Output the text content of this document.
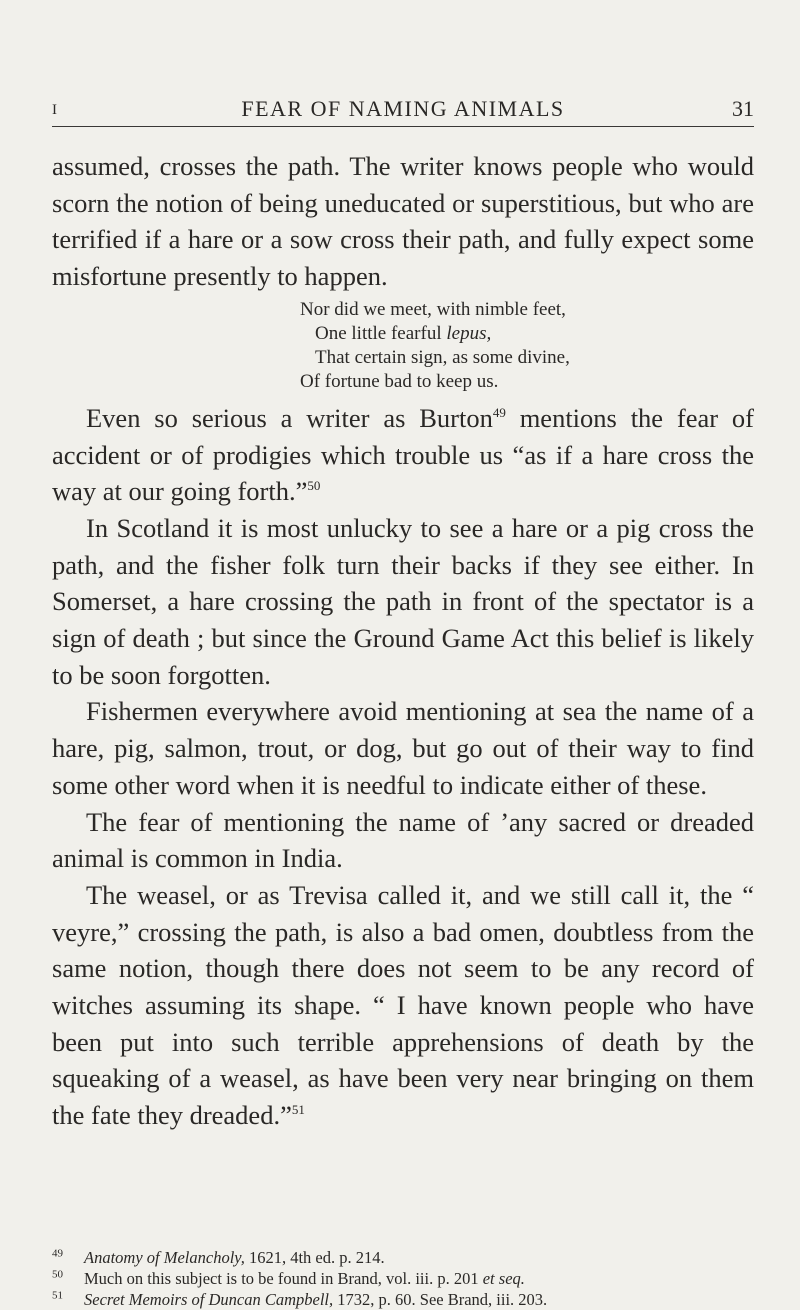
I	FEAR OF NAMING ANIMALS	31

assumed, crosses the path. The writer knows people who would scorn the notion of being uneducated or superstitious, but who are terrified if a hare or a sow cross their path, and fully expect some misfortune presently to happen.

Nor did we meet, with nimble feet,
One little fearful lepus,
That certain sign, as some divine,
Of fortune bad to keep us.

Even so serious a writer as Burton$^{49}$ mentions the fear of accident or of prodigies which trouble us “as if a hare cross the way at our going forth.”$^{50}$

In Scotland it is most unlucky to see a hare or a pig cross the path, and the fisher folk turn their backs if they see either. In Somerset, a hare crossing the path in front of the spectator is a sign of death ; but since the Ground Game Act this belief is likely to be soon forgotten.

Fishermen everywhere avoid mentioning at sea the name of a hare, pig, salmon, trout, or dog, but go out of their way to find some other word when it is needful to indicate either of these.

The fear of mentioning the name of ’any sacred or dreaded animal is common in India.

The weasel, or as Trevisa called it, and we still call it, the “ veyre,” crossing the path, is also a bad omen, doubtless from the same notion, though there does not seem to be any record of witches assuming its shape. “ I have known people who have been put into such terrible apprehensions of death by the squeaking of a weasel, as have been very near bringing on them the fate they dreaded.”$^{51}$

$^{49}$ Anatomy of Melancholy, 1621, 4th ed. p. 214.

$^{50}$ Much on this subject is to be found in Brand, vol. iii. p. 201 et seq.

$^{51}$ Secret Memoirs of Duncan Campbell, 1732, p. 60. See Brand, iii. 203.
